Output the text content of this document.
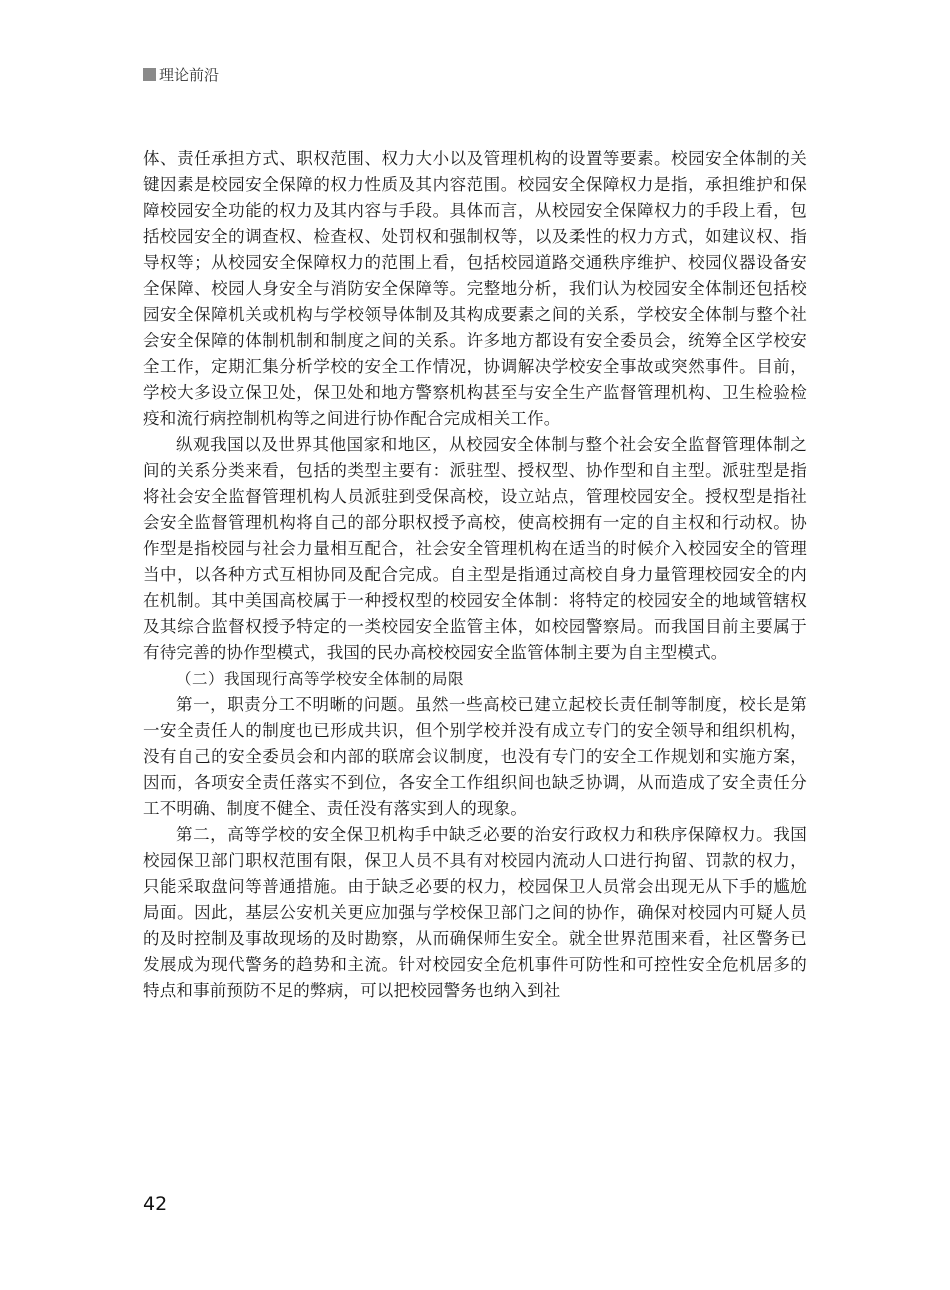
理论前沿

体、责任承担方式、职权范围、权力大小以及管理机构的设置等要素。校园安全体制的关键因素是校园安全保障的权力性质及其内容范围。校园安全保障权力是指，承担维护和保障校园安全功能的权力及其内容与手段。具体而言，从校园安全保障权力的手段上看，包括校园安全的调查权、检查权、处罚权和强制权等，以及柔性的权力方式，如建议权、指导权等；从校园安全保障权力的范围上看，包括校园道路交通秩序维护、校园仪器设备安全保障、校园人身安全与消防安全保障等。完整地分析，我们认为校园安全体制还包括校园安全保障机关或机构与学校领导体制及其构成要素之间的关系，学校安全体制与整个社会安全保障的体制机制和制度之间的关系。许多地方都设有安全委员会，统筹全区学校安全工作，定期汇集分析学校的安全工作情况，协调解决学校安全事故或突然事件。目前，学校大多设立保卫处，保卫处和地方警察机构甚至与安全生产监督管理机构、卫生检验检疫和流行病控制机构等之间进行协作配合完成相关工作。

纵观我国以及世界其他国家和地区，从校园安全体制与整个社会安全监督管理体制之间的关系分类来看，包括的类型主要有：派驻型、授权型、协作型和自主型。派驻型是指将社会安全监督管理机构人员派驻到受保高校，设立站点，管理校园安全。授权型是指社会安全监督管理机构将自己的部分职权授予高校，使高校拥有一定的自主权和行动权。协作型是指校园与社会力量相互配合，社会安全管理机构在适当的时候介入校园安全的管理当中，以各种方式互相协同及配合完成。自主型是指通过高校自身力量管理校园安全的内在机制。其中美国高校属于一种授权型的校园安全体制：将特定的校园安全的地域管辖权及其综合监督权授予特定的一类校园安全监管主体，如校园警察局。而我国目前主要属于有待完善的协作型模式，我国的民办高校校园安全监管体制主要为自主型模式。

（二）我国现行高等学校安全体制的局限

第一，职责分工不明晰的问题。虽然一些高校已建立起校长责任制等制度，校长是第一安全责任人的制度也已形成共识，但个别学校并没有成立专门的安全领导和组织机构，没有自己的安全委员会和内部的联席会议制度，也没有专门的安全工作规划和实施方案，因而，各项安全责任落实不到位，各安全工作组织间也缺乏协调，从而造成了安全责任分工不明确、制度不健全、责任没有落实到人的现象。

第二，高等学校的安全保卫机构手中缺乏必要的治安行政权力和秩序保障权力。我国校园保卫部门职权范围有限，保卫人员不具有对校园内流动人口进行拘留、罚款的权力，只能采取盘问等普通措施。由于缺乏必要的权力，校园保卫人员常会出现无从下手的尴尬局面。因此，基层公安机关更应加强与学校保卫部门之间的协作，确保对校园内可疑人员的及时控制及事故现场的及时勘察，从而确保师生安全。就全世界范围来看，社区警务已发展成为现代警务的趋势和主流。针对校园安全危机事件可防性和可控性安全危机居多的特点和事前预防不足的弊病，可以把校园警务也纳入到社

42
